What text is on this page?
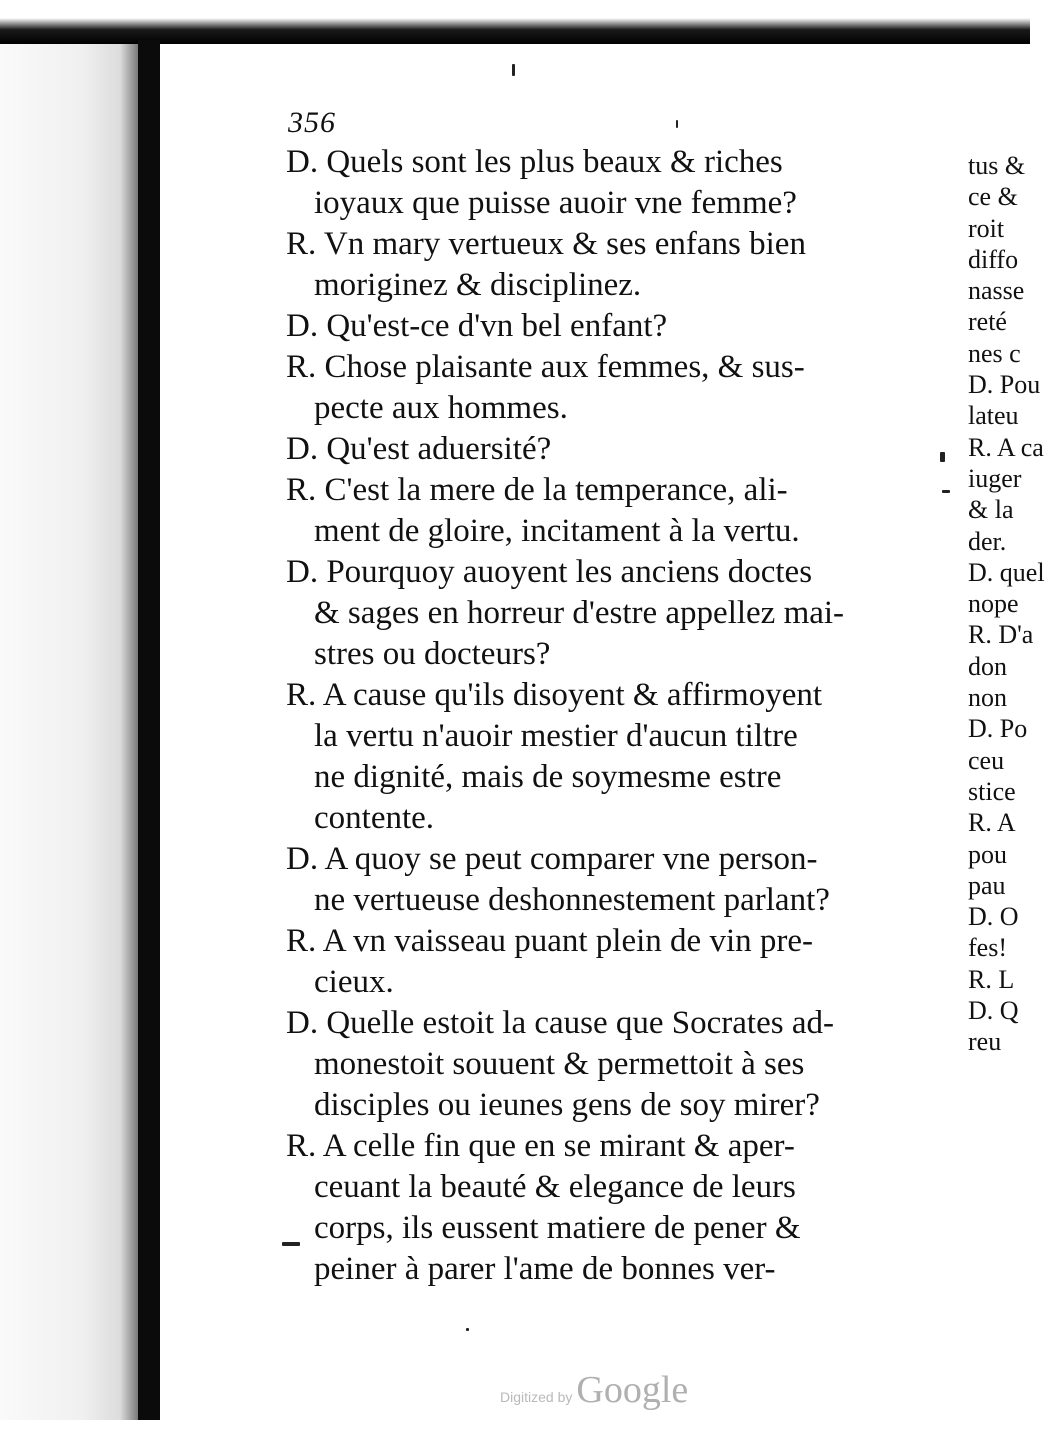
356
D. Quels sont les plus beaux & riches
ioyaux que puisse auoir vne femme?
R. Vn mary vertueux & ses enfans bien
moriginez & disciplinez.
D. Qu'est-ce d'vn bel enfant?
R. Chose plaisante aux femmes, & sus-
pecte aux hommes.
D. Qu'est aduersité?
R. C'est la mere de la temperance, ali-
ment de gloire, incitament à la vertu.
D. Pourquoy auoyent les anciens doctes
& sages en horreur d'estre appellez mai-
stres ou docteurs?
R. A cause qu'ils disoyent & affirmoyent
la vertu n'auoir mestier d'aucun tiltre
ne dignité, mais de soymesme estre
contente.
D. A quoy se peut comparer vne person-
ne vertueuse deshonnestement parlant?
R. A vn vaisseau puant plein de vin pre-
cieux.
D. Quelle estoit la cause que Socrates ad-
monestoit souuent & permettoit à ses
disciples ou ieunes gens de soy mirer?
R. A celle fin que en se mirant & aper-
ceuant la beauté & elegance de leurs
corps, ils eussent matiere de pener &
peiner à parer l'ame de bonnes ver-
tus &
ce &
roit
diffo
nasse
reté
nes c
D. Pou
lateu
R. A ca
iuger
& la
der.
D. quel
nope
R. D'a
don
non
D. Po
ceu
stice
R. A
pou
pau
D. O
fes!
R. L
D. Q
reu
Digitized by Google
